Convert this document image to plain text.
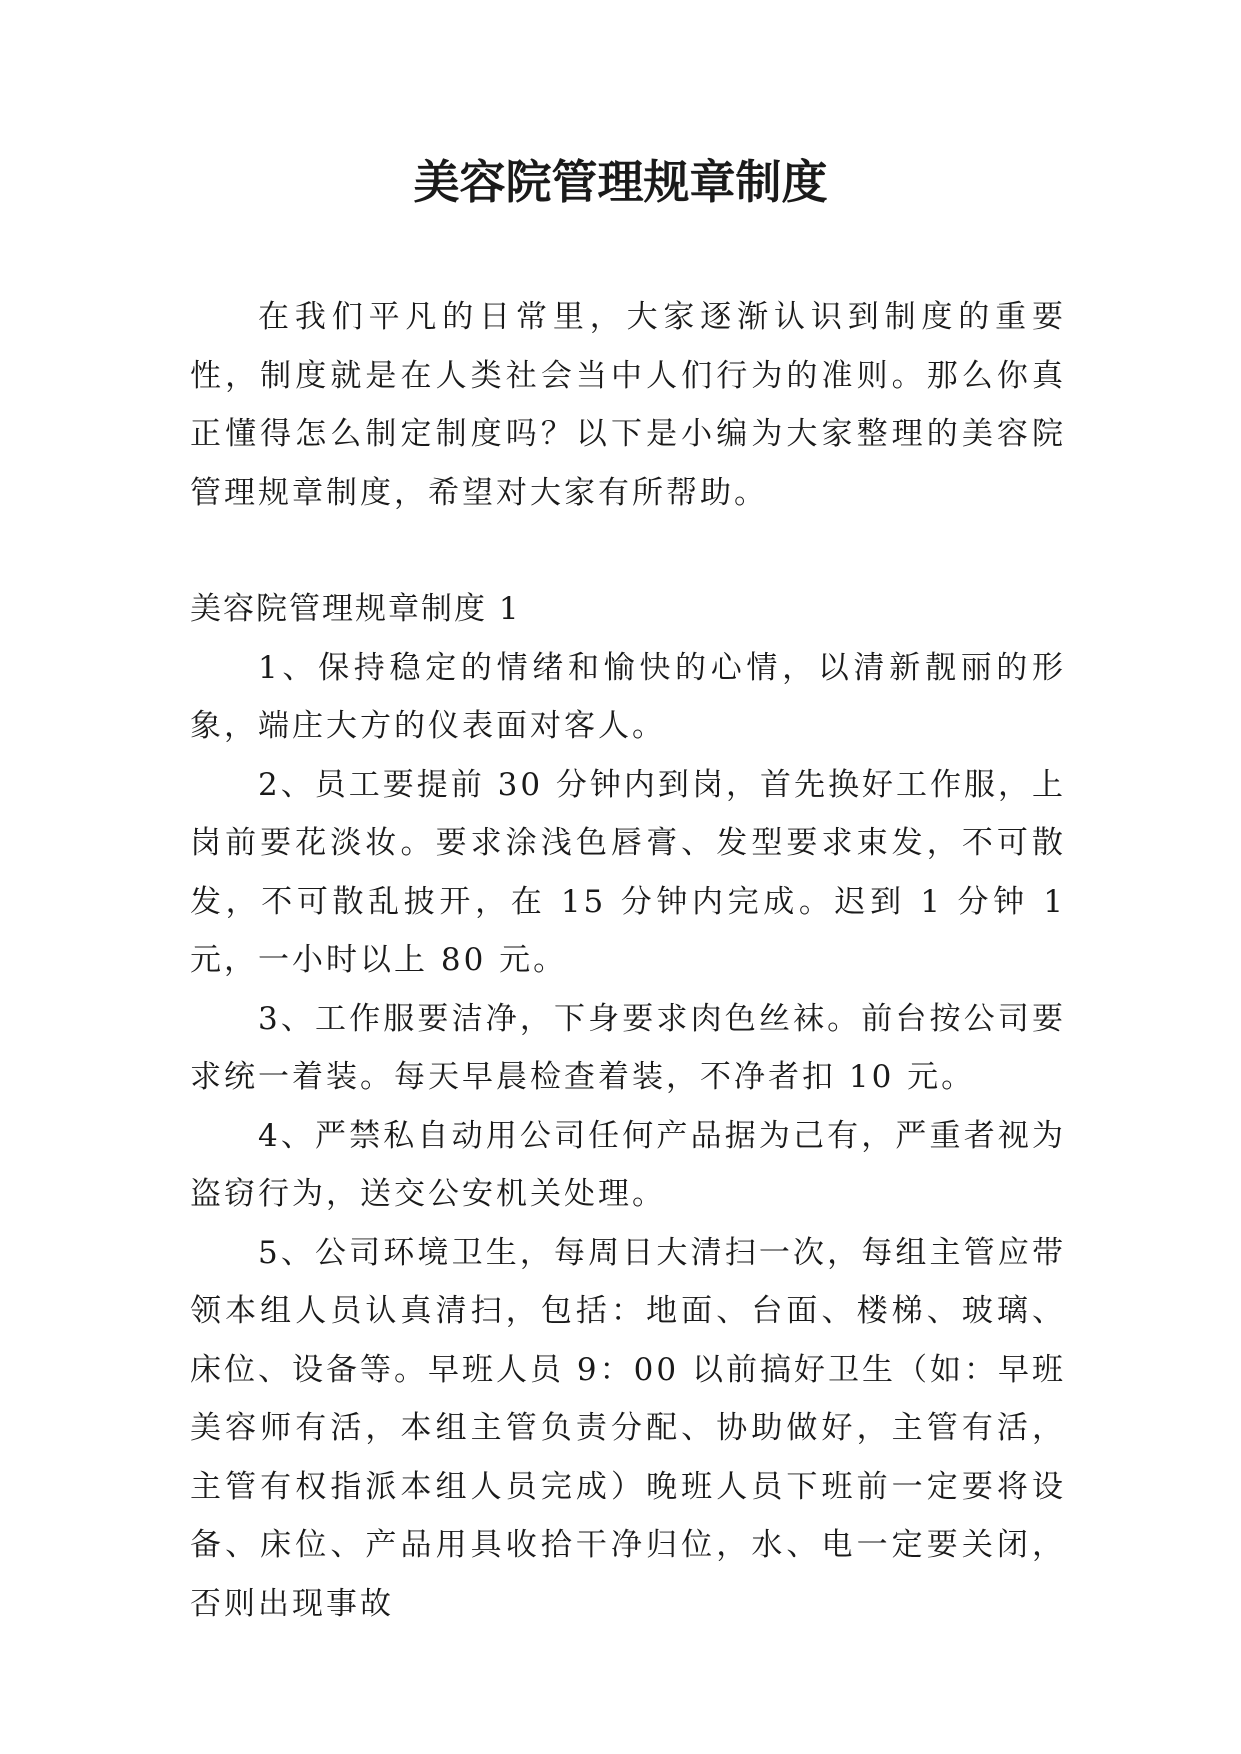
美容院管理规章制度

在我们平凡的日常里，大家逐渐认识到制度的重要性，制度就是在人类社会当中人们行为的准则。那么你真正懂得怎么制定制度吗？以下是小编为大家整理的美容院管理规章制度，希望对大家有所帮助。

美容院管理规章制度 1

1、保持稳定的情绪和愉快的心情，以清新靓丽的形象，端庄大方的仪表面对客人。

2、员工要提前 30 分钟内到岗，首先换好工作服，上岗前要花淡妆。要求涂浅色唇膏、发型要求束发，不可散发，不可散乱披开，在 15 分钟内完成。迟到 1 分钟 1 元，一小时以上 80 元。

3、工作服要洁净，下身要求肉色丝袜。前台按公司要求统一着装。每天早晨检查着装，不净者扣 10 元。

4、严禁私自动用公司任何产品据为己有，严重者视为盗窃行为，送交公安机关处理。

5、公司环境卫生，每周日大清扫一次，每组主管应带领本组人员认真清扫，包括：地面、台面、楼梯、玻璃、床位、设备等。早班人员 9：00 以前搞好卫生（如：早班美容师有活，本组主管负责分配、协助做好，主管有活，主管有权指派本组人员完成）晚班人员下班前一定要将设备、床位、产品用具收拾干净归位，水、电一定要关闭，否则出现事故
